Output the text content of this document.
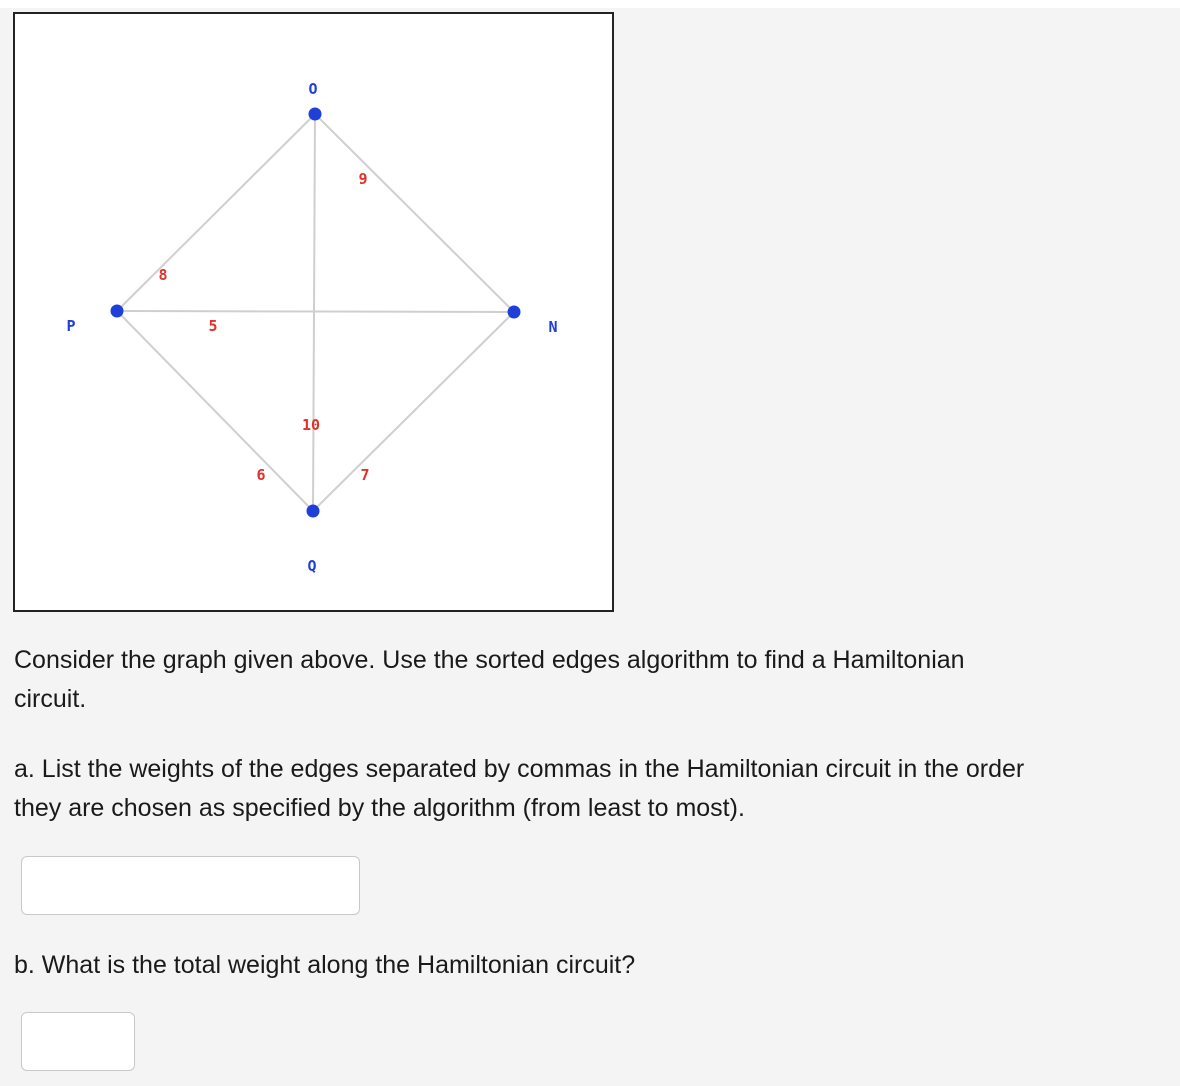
O
P	N
Q
8
9
10
5
6	7

Consider the graph given above. Use the sorted edges algorithm to find a Hamiltonian
circuit.

a. List the weights of the edges separated by commas in the Hamiltonian circuit in the order
they are chosen as specified by the algorithm (from least to most).

b. What is the total weight along the Hamiltonian circuit?
